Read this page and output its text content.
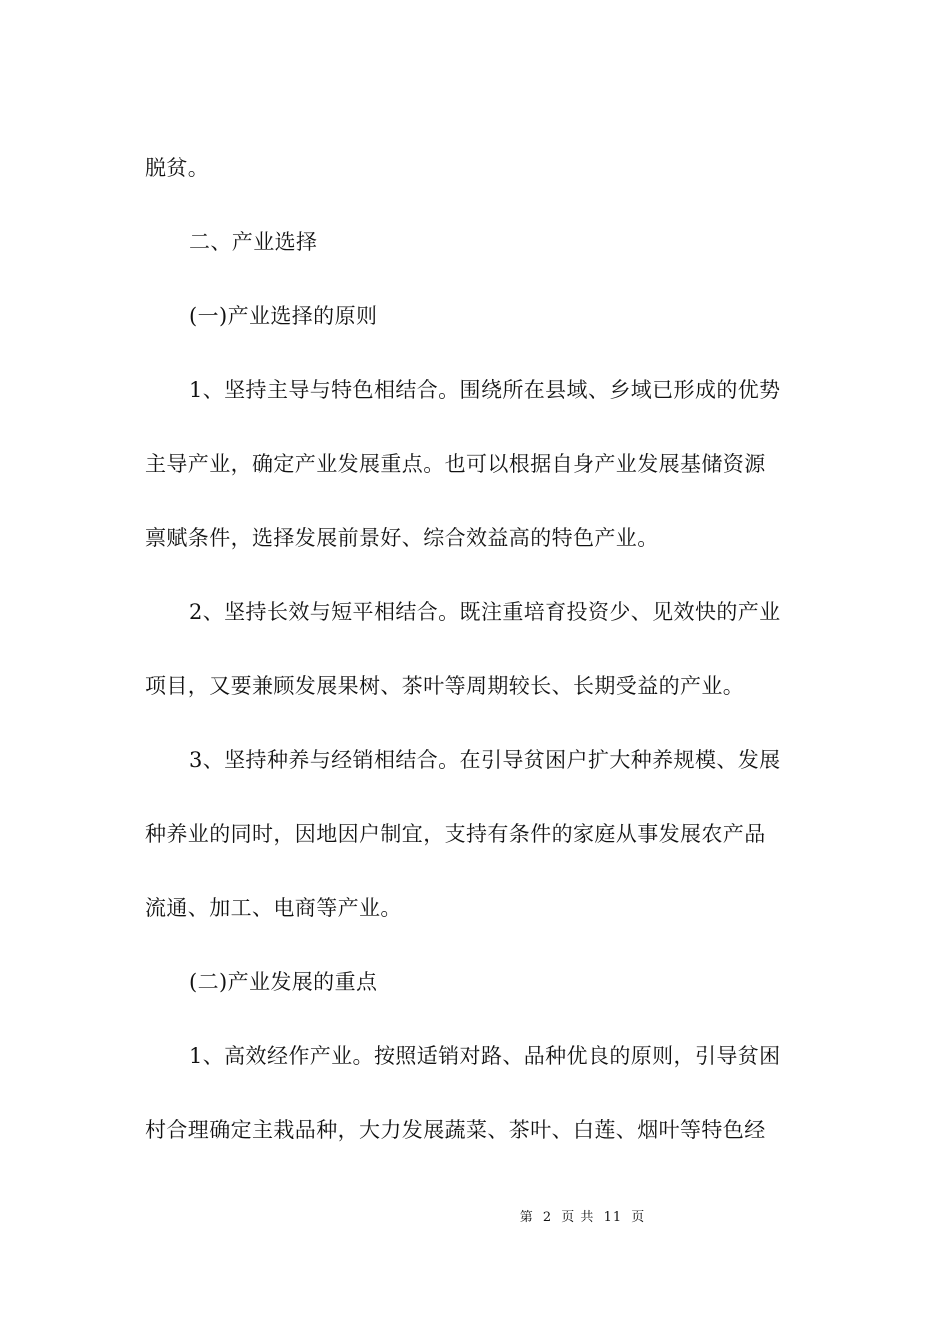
脱贫。
二、产业选择
(一)产业选择的原则
1、坚持主导与特色相结合。围绕所在县域、乡域已形成的优势
主导产业，确定产业发展重点。也可以根据自身产业发展基储资源
禀赋条件，选择发展前景好、综合效益高的特色产业。
2、坚持长效与短平相结合。既注重培育投资少、见效快的产业
项目，又要兼顾发展果树、茶叶等周期较长、长期受益的产业。
3、坚持种养与经销相结合。在引导贫困户扩大种养规模、发展
种养业的同时，因地因户制宜，支持有条件的家庭从事发展农产品
流通、加工、电商等产业。
(二)产业发展的重点
1、高效经作产业。按照适销对路、品种优良的原则，引导贫困
村合理确定主栽品种，大力发展蔬菜、茶叶、白莲、烟叶等特色经
第 2 页 共 11 页
